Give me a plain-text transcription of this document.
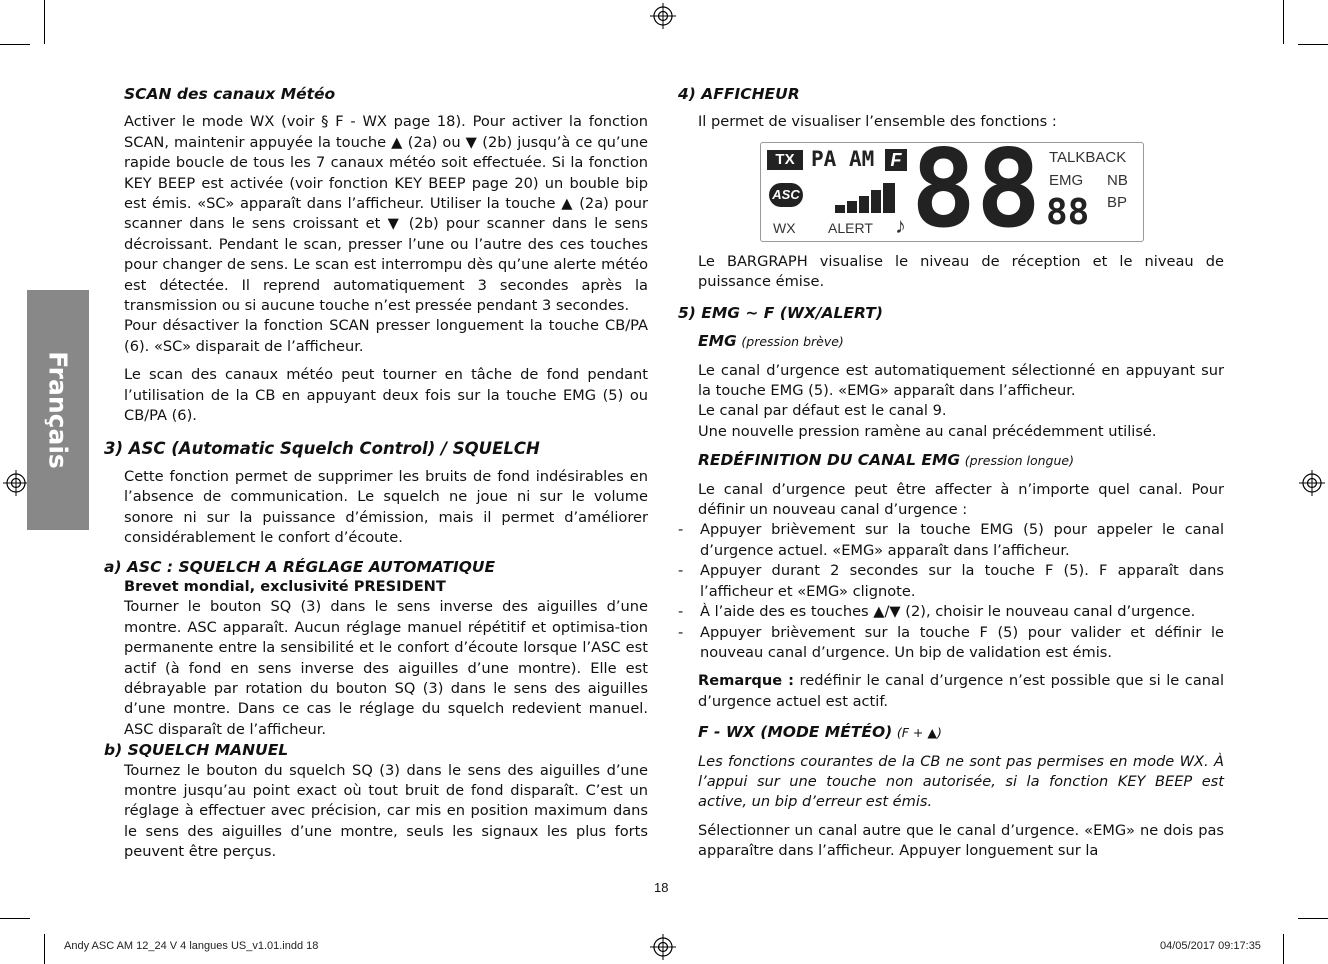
Français

SCAN des canaux Météo

Activer le mode WX (voir § F - WX page 18). Pour activer la fonction SCAN, maintenir appuyée la touche ▲ (2a) ou ▼ (2b) jusqu’à ce qu’une rapide boucle de tous les 7 canaux météo soit effectuée. Si la fonction KEY BEEP est activée (voir fonction KEY BEEP page 20) un bouble bip est émis. «SC» apparaît dans l’afficheur. Utiliser la touche ▲ (2a) pour scanner dans le sens croissant et ▼ (2b) pour scanner dans le sens décroissant. Pendant le scan, presser l’une ou l’autre des ces touches pour changer de sens. Le scan est interrompu dès qu’une alerte météo est détectée. Il reprend automatiquement 3 secondes après la transmission ou si aucune touche n’est pressée pendant 3 secondes.

Pour désactiver la fonction SCAN presser longuement la touche CB/PA (6). «SC» disparait de l’afficheur.

Le scan des canaux météo peut tourner en tâche de fond pendant l’utilisation de la CB en appuyant deux fois sur la touche EMG (5) ou CB/PA (6).

3) ASC (Automatic Squelch Control) / SQUELCH

Cette fonction permet de supprimer les bruits de fond indésirables en l’absence de communication. Le squelch ne joue ni sur le volume sonore ni sur la puissance d’émission, mais il permet d’améliorer considérablement le confort d’écoute.

a) ASC : SQUELCH A RÉGLAGE AUTOMATIQUE

Brevet mondial, exclusivité PRESIDENT

Tourner le bouton SQ (3) dans le sens inverse des aiguilles d’une montre. ASC apparaît. Aucun réglage manuel répétitif et optimisa-tion permanente entre la sensibilité et le confort d’écoute lorsque l’ASC est actif (à fond en sens inverse des aiguilles d’une montre). Elle est débrayable par rotation du bouton SQ (3) dans le sens des aiguilles d’une montre. Dans ce cas le réglage du squelch redevient manuel. ASC disparaît de l’afficheur.

b) SQUELCH MANUEL

Tournez le bouton du squelch SQ (3) dans le sens des aiguilles d’une montre jusqu’au point exact où tout bruit de fond disparaît. C’est un réglage à effectuer avec précision, car mis en position maximum dans le sens des aiguilles d’une montre, seuls les signaux les plus forts peuvent être perçus.

4) AFFICHEUR

Il permet de visualiser l’ensemble des fonctions :

TX PA AM F
ASC
WX ALERT ♪ 88 TALKBACK
EMG NB
BP
88

Le BARGRAPH visualise le niveau de réception et le niveau de puissance émise.

5) EMG ~ F (WX/ALERT)

EMG (pression brève)

Le canal d’urgence est automatiquement sélectionné en appuyant sur la touche EMG (5). «EMG» apparaît dans l’afficheur.

Le canal par défaut est le canal 9.

Une nouvelle pression ramène au canal précédemment utilisé.

REDÉFINITION DU CANAL EMG (pression longue)

Le canal d’urgence peut être affecter à n’importe quel canal. Pour définir un nouveau canal d’urgence :

- Appuyer brièvement sur la touche EMG (5) pour appeler le canal d’urgence actuel. «EMG» apparaît dans l’afficheur.

- Appuyer durant 2 secondes sur la touche F (5). F apparaît dans l’afficheur et «EMG» clignote.

- À l’aide des es touches ▲/▼ (2), choisir le nouveau canal d’urgence.

- Appuyer brièvement sur la touche F (5) pour valider et définir le nouveau canal d’urgence. Un bip de validation est émis.

Remarque : redéfinir le canal d’urgence n’est possible que si le canal d’urgence actuel est actif.

F - WX (MODE MÉTÉO) (F + ▲)

Les fonctions courantes de la CB ne sont pas permises en mode WX. À l’appui sur une touche non autorisée, si la fonction KEY BEEP est active, un bip d’erreur est émis.

Sélectionner un canal autre que le canal d’urgence. «EMG» ne dois pas apparaître dans l’afficheur. Appuyer longuement sur la

18
Andy ASC AM 12_24 V 4 langues US_v1.01.indd 18	04/05/2017 09:17:35
